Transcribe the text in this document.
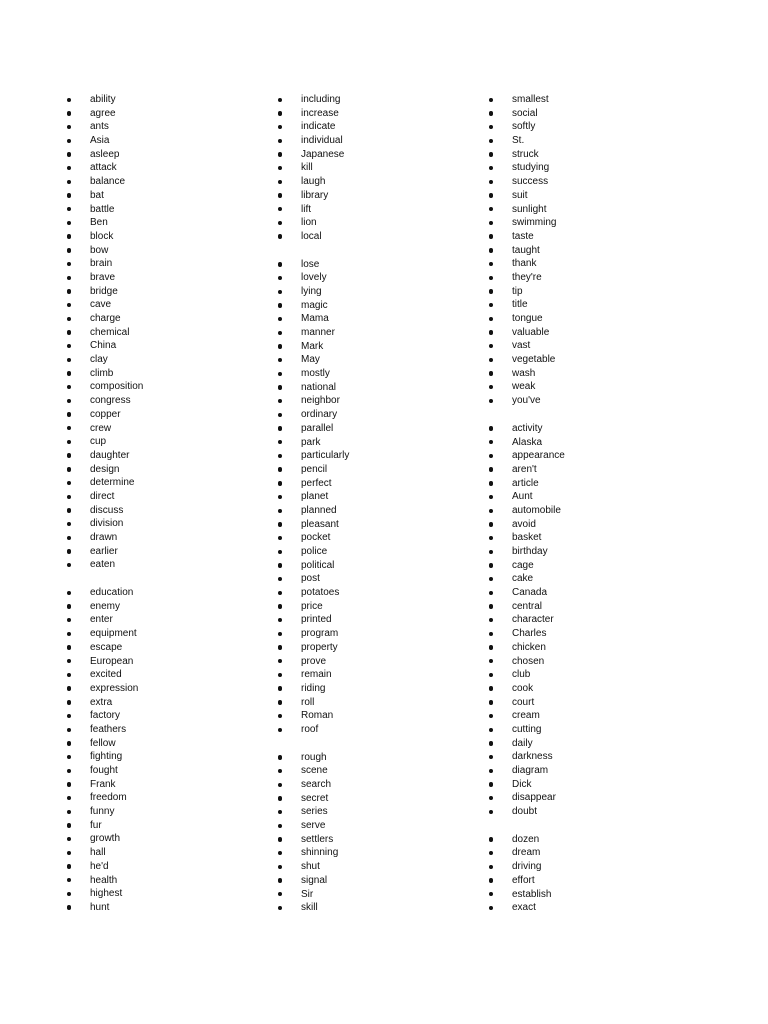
ability
agree
ants
Asia
asleep
attack
balance
bat
battle
Ben
block
bow
brain
brave
bridge
cave
charge
chemical
China
clay
climb
composition
congress
copper
crew
cup
daughter
design
determine
direct
discuss
division
drawn
earlier
eaten
education
enemy
enter
equipment
escape
European
excited
expression
extra
factory
feathers
fellow
fighting
fought
Frank
freedom
funny
fur
growth
hall
he'd
health
highest
hunt
including
increase
indicate
individual
Japanese
kill
laugh
library
lift
lion
local
lose
lovely
lying
magic
Mama
manner
Mark
May
mostly
national
neighbor
ordinary
parallel
park
particularly
pencil
perfect
planet
planned
pleasant
pocket
police
political
post
potatoes
price
printed
program
property
prove
remain
riding
roll
Roman
roof
rough
scene
search
secret
series
serve
settlers
shinning
shut
signal
Sir
skill
smallest
social
softly
St.
struck
studying
success
suit
sunlight
swimming
taste
taught
thank
they're
tip
title
tongue
valuable
vast
vegetable
wash
weak
you've
activity
Alaska
appearance
aren't
article
Aunt
automobile
avoid
basket
birthday
cage
cake
Canada
central
character
Charles
chicken
chosen
club
cook
court
cream
cutting
daily
darkness
diagram
Dick
disappear
doubt
dozen
dream
driving
effort
establish
exact
